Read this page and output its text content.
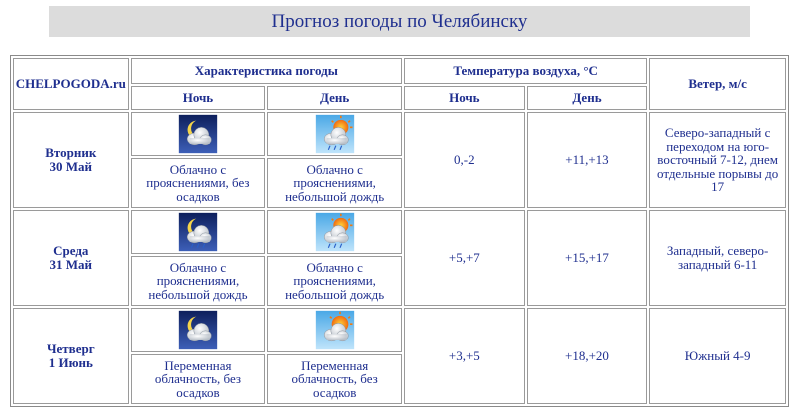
Прогноз погоды по Челябинску
CHELPOGODA.ru	Характеристика погоды		Температура воздуха, °C		Ветер, м/с
	Ночь	День	Ночь	День	

Вторник
30 Май			0,-2	+11,+13	Северо-западный с переходом на юго-восточный 7-12, днем отдельные порывы до 17
	Облачно с прояснениями, без осадков	Облачно с прояснениями, небольшой дождь			

Среда
31 Май			+5,+7	+15,+17	Западный, северо-западный 6-11
	Облачно с прояснениями, небольшой дождь	Облачно с прояснениями, небольшой дождь			

Четверг
1 Июнь			+3,+5	+18,+20	Южный 4-9
	Переменная облачность, без осадков	Переменная облачность, без осадков			
